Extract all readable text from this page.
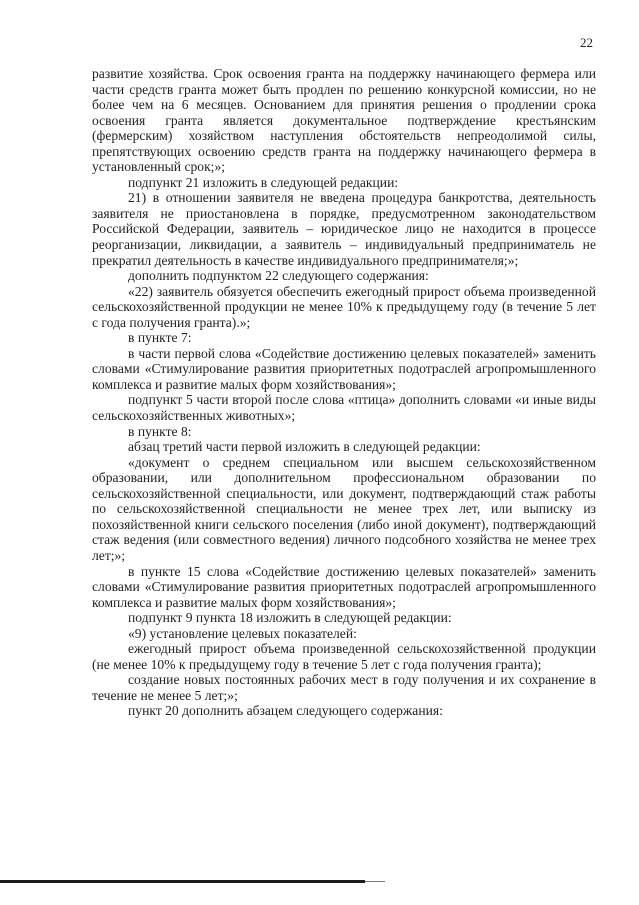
22

развитие хозяйства. Срок освоения гранта на поддержку начинающего фермера или части средств гранта может быть продлен по решению конкурсной комиссии, но не более чем на 6 месяцев. Основанием для принятия решения о продлении срока освоения гранта является документальное подтверждение крестьянским (фермерским) хозяйством наступления обстоятельств непреодолимой силы, препятствующих освоению средств гранта на поддержку начинающего фермера в установленный срок;»;

подпункт 21 изложить в следующей редакции:

21) в отношении заявителя не введена процедура банкротства, деятельность заявителя не приостановлена в порядке, предусмотренном законодательством Российской Федерации, заявитель – юридическое лицо не находится в процессе реорганизации, ликвидации, а заявитель – индивидуальный предприниматель не прекратил деятельность в качестве индивидуального предпринимателя;»;

дополнить подпунктом 22 следующего содержания:

«22) заявитель обязуется обеспечить ежегодный прирост объема произведенной сельскохозяйственной продукции не менее 10% к предыдущему году (в течение 5 лет с года получения гранта).»;

в пункте 7:

в части первой слова «Содействие достижению целевых показателей» заменить словами «Стимулирование развития приоритетных подотраслей агропромышленного комплекса и развитие малых форм хозяйствования»;

подпункт 5 части второй после слова «птица» дополнить словами «и иные виды сельскохозяйственных животных»;

в пункте 8:

абзац третий части первой изложить в следующей редакции:

«документ о среднем специальном или высшем сельскохозяйственном образовании, или дополнительном профессиональном образовании по сельскохозяйственной специальности, или документ, подтверждающий стаж работы по сельскохозяйственной специальности не менее трех лет, или выписку из похозяйственной книги сельского поселения (либо иной документ), подтверждающий стаж ведения (или совместного ведения) личного подсобного хозяйства не менее трех лет;»;

в пункте 15 слова «Содействие достижению целевых показателей» заменить словами «Стимулирование развития приоритетных подотраслей агропромышленного комплекса и развитие малых форм хозяйствования»;

подпункт 9 пункта 18 изложить в следующей редакции:

«9) установление целевых показателей:

ежегодный прирост объема произведенной сельскохозяйственной продукции (не менее 10% к предыдущему году в течение 5 лет с года получения гранта);

создание новых постоянных рабочих мест в году получения и их сохранение в течение не менее 5 лет;»;

пункт 20 дополнить абзацем следующего содержания:
